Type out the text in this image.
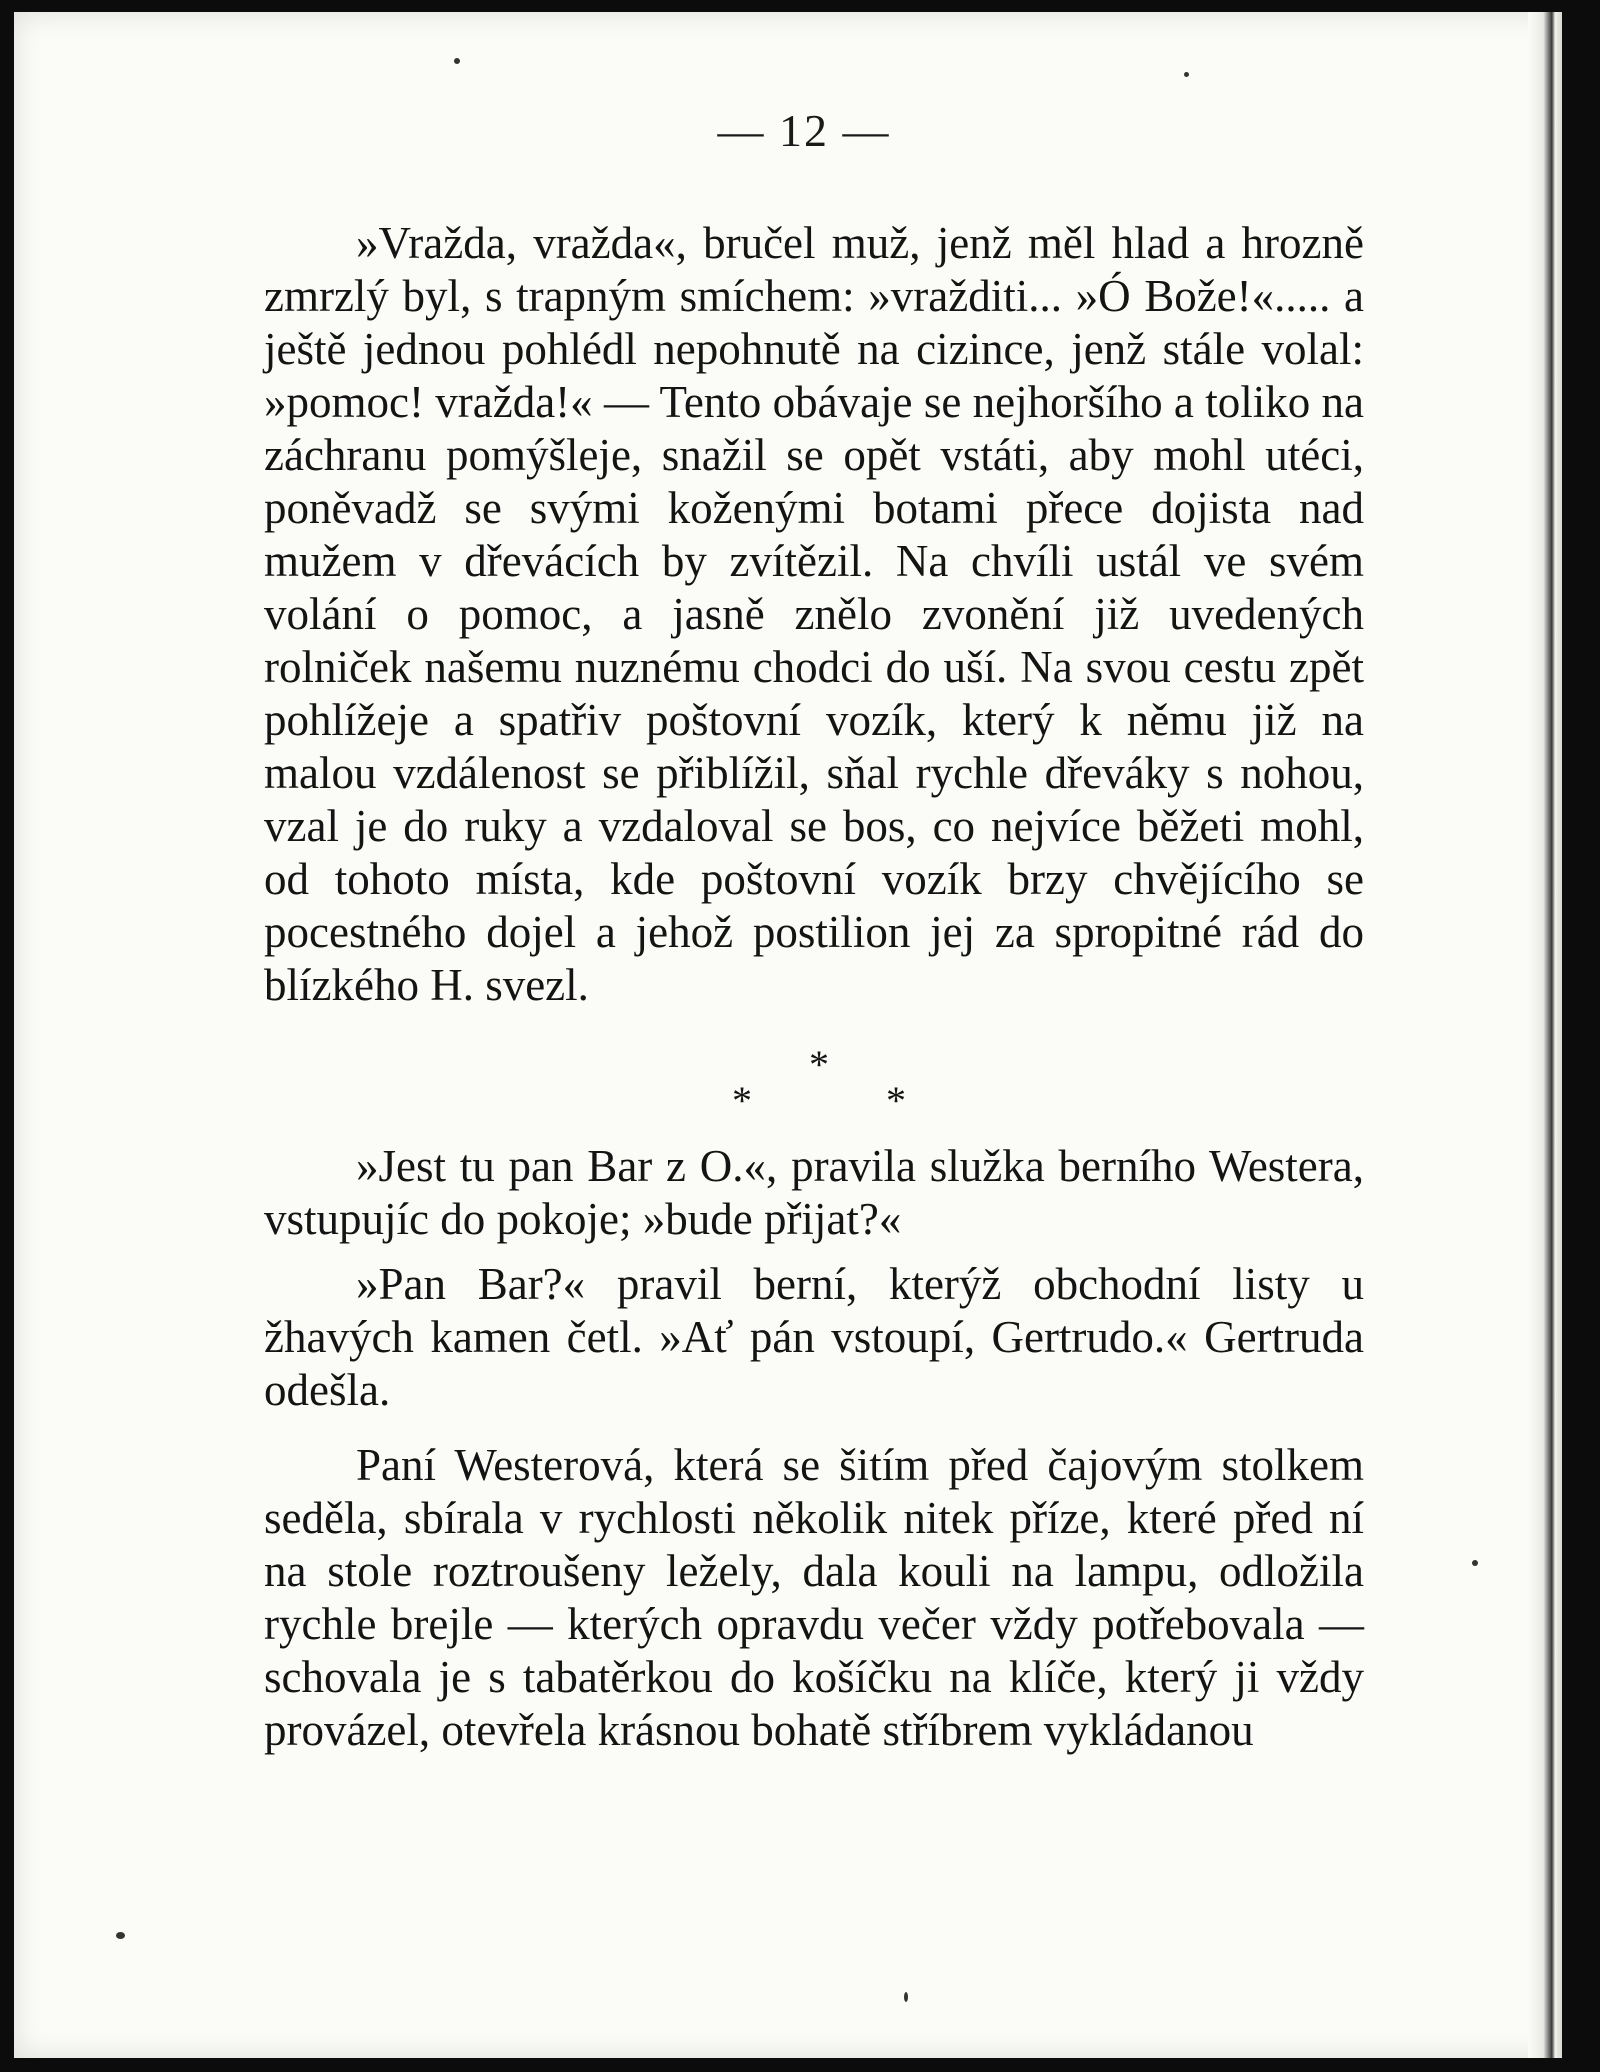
— 12 —

»Vražda, vražda«, bručel muž, jenž měl hlad a hrozně zmrzlý byl, s trapným smíchem: »vražditi... »Ó Bože!«..... a ještě jednou pohlédl nepohnutě na cizince, jenž stále volal: »pomoc! vražda!« — Tento obávaje se nejhoršího a toliko na záchranu pomýšleje, snažil se opět vstáti, aby mohl utéci, poněvadž se svými koženými botami přece dojista nad mužem v dřevácích by zvítězil. Na chvíli ustál ve svém volání o pomoc, a jasně znělo zvonění již uvedených rolniček našemu nuznému chodci do uší. Na svou cestu zpět pohlížeje a spatřiv poštovní vozík, který k němu již na malou vzdálenost se přiblížil, sňal rychle dřeváky s nohou, vzal je do ruky a vzdaloval se bos, co nejvíce běžeti mohl, od tohoto místa, kde poštovní vozík brzy chvějícího se pocestného dojel a jehož postilion jej za spropitné rád do blízkého H. svezl.

*
*	*

»Jest tu pan Bar z O.«, pravila služka berního Westera, vstupujíc do pokoje; »bude přijat?«

»Pan Bar?« pravil berní, kterýž obchodní listy u žhavých kamen četl. »Ať pán vstoupí, Gertrudo.« Gertruda odešla.

Paní Westerová, která se šitím před čajovým stolkem seděla, sbírala v rychlosti několik nitek příze, které před ní na stole roztroušeny ležely, dala kouli na lampu, odložila rychle brejle — kterých opravdu večer vždy potřebovala — schovala je s tabatěrkou do košíčku na klíče, který ji vždy provázel, otevřela krásnou bohatě stříbrem vykládanou
